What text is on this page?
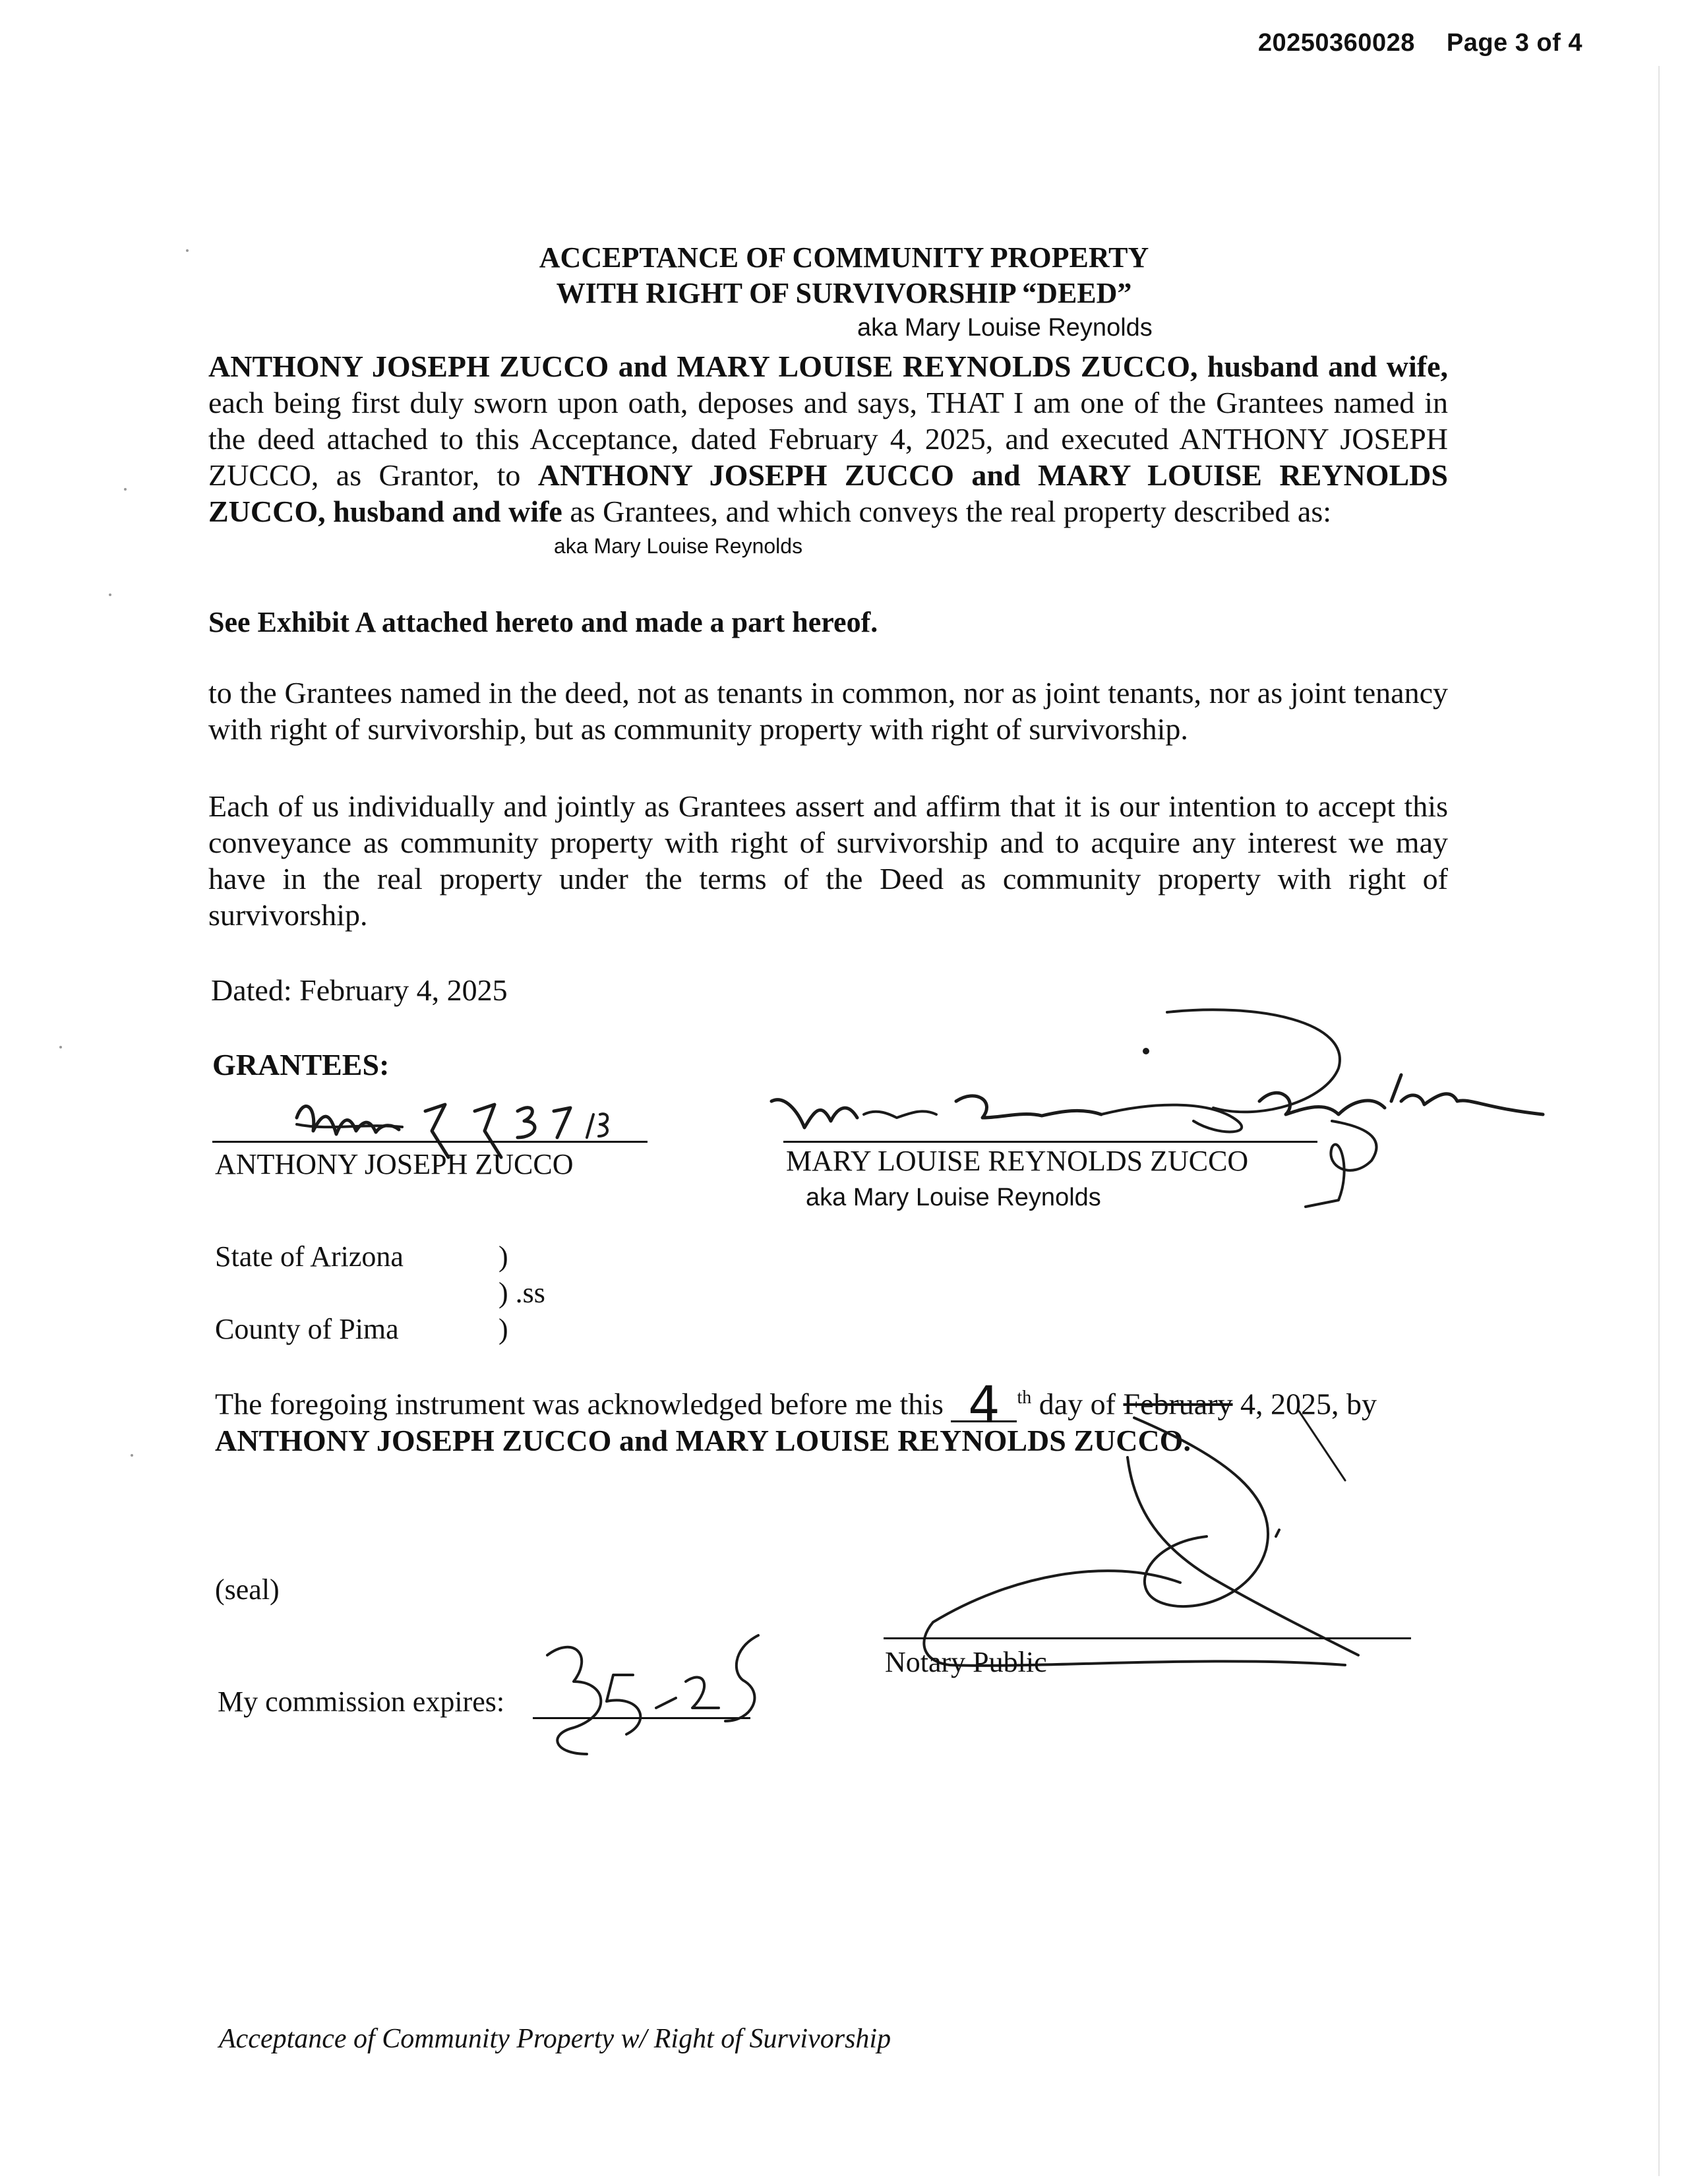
20250360028 Page 3 of 4
ACCEPTANCE OF COMMUNITY PROPERTY
WITH RIGHT OF SURVIVORSHIP “DEED”
aka Mary Louise Reynolds
ANTHONY JOSEPH ZUCCO and MARY LOUISE REYNOLDS ZUCCO, husband and wife, each being first duly sworn upon oath, deposes and says, THAT I am one of the Grantees named in the deed attached to this Acceptance, dated February 4, 2025, and executed ANTHONY JOSEPH ZUCCO, as Grantor, to ANTHONY JOSEPH ZUCCO and MARY LOUISE REYNOLDS ZUCCO, husband and wife as Grantees, and which conveys the real property described as:
aka Mary Louise Reynolds
See Exhibit A attached hereto and made a part hereof.
to the Grantees named in the deed, not as tenants in common, nor as joint tenants, nor as joint tenancy with right of survivorship, but as community property with right of survivorship.
Each of us individually and jointly as Grantees assert and affirm that it is our intention to accept this conveyance as community property with right of survivorship and to acquire any interest we may have in the real property under the terms of the Deed as community property with right of survivorship.
Dated: February 4, 2025
GRANTEES:
ANTHONY JOSEPH ZUCCO	MARY LOUISE REYNOLDS ZUCCO
aka Mary Louise Reynolds
State of Arizona
County of Pima
)
) .ss
)
The foregoing instrument was acknowledged before me this 4 $^{th}$ day of February 4, 2025, by
ANTHONY JOSEPH ZUCCO and MARY LOUISE REYNOLDS ZUCCO.
(seal)
My commission expires:
Notary Public
Acceptance of Community Property w/ Right of Survivorship
